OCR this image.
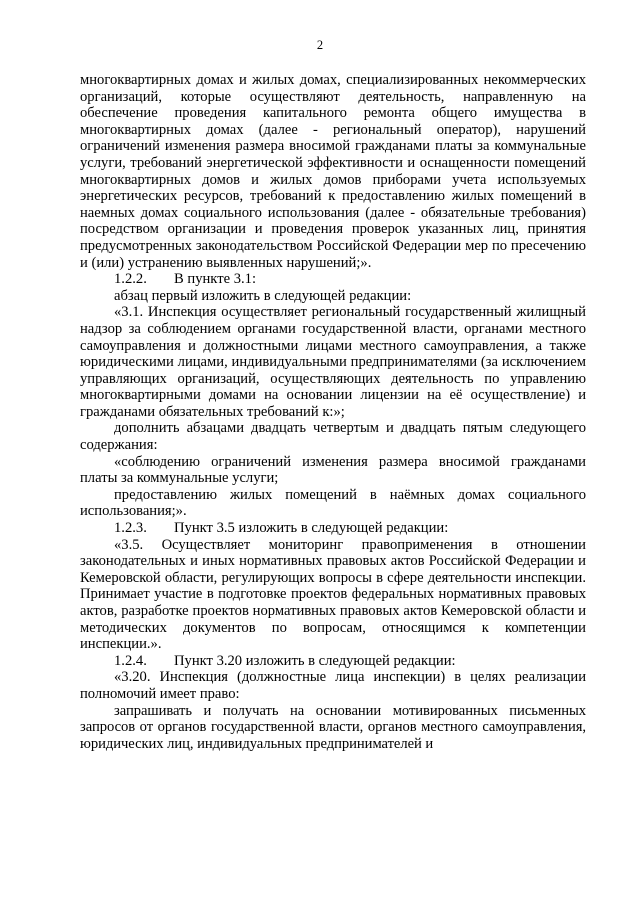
2

многоквартирных домах и жилых домах, специализированных некоммерческих организаций, которые осуществляют деятельность, направленную на обеспечение проведения капитального ремонта общего имущества в многоквартирных домах (далее - региональный оператор), нарушений ограничений изменения размера вносимой гражданами платы за коммунальные услуги, требований энергетической эффективности и оснащенности помещений многоквартирных домов и жилых домов приборами учета используемых энергетических ресурсов, требований к предоставлению жилых помещений в наемных домах социального использования (далее - обязательные требования) посредством организации и проведения проверок указанных лиц, принятия предусмотренных законодательством Российской Федерации мер по пресечению и (или) устранению выявленных нарушений;».

1.2.2. В пункте 3.1:

абзац первый изложить в следующей редакции:

«3.1. Инспекция осуществляет региональный государственный жилищный надзор за соблюдением органами государственной власти, органами местного самоуправления и должностными лицами местного самоуправления, а также юридическими лицами, индивидуальными предпринимателями (за исключением управляющих организаций, осуществляющих деятельность по управлению многоквартирными домами на основании лицензии на её осуществление) и гражданами обязательных требований к:»;

дополнить абзацами двадцать четвертым и двадцать пятым следующего содержания:

«соблюдению ограничений изменения размера вносимой гражданами платы за коммунальные услуги;

предоставлению жилых помещений в наёмных домах социального использования;».

1.2.3. Пункт 3.5 изложить в следующей редакции:

«3.5. Осуществляет мониторинг правоприменения в отношении законодательных и иных нормативных правовых актов Российской Федерации и Кемеровской области, регулирующих вопросы в сфере деятельности инспекции. Принимает участие в подготовке проектов федеральных нормативных правовых актов, разработке проектов нормативных правовых актов Кемеровской области и методических документов по вопросам, относящимся к компетенции инспекции.».

1.2.4. Пункт 3.20 изложить в следующей редакции:

«3.20. Инспекция (должностные лица инспекции) в целях реализации полномочий имеет право:

запрашивать и получать на основании мотивированных письменных запросов от органов государственной власти, органов местного самоуправления, юридических лиц, индивидуальных предпринимателей и
